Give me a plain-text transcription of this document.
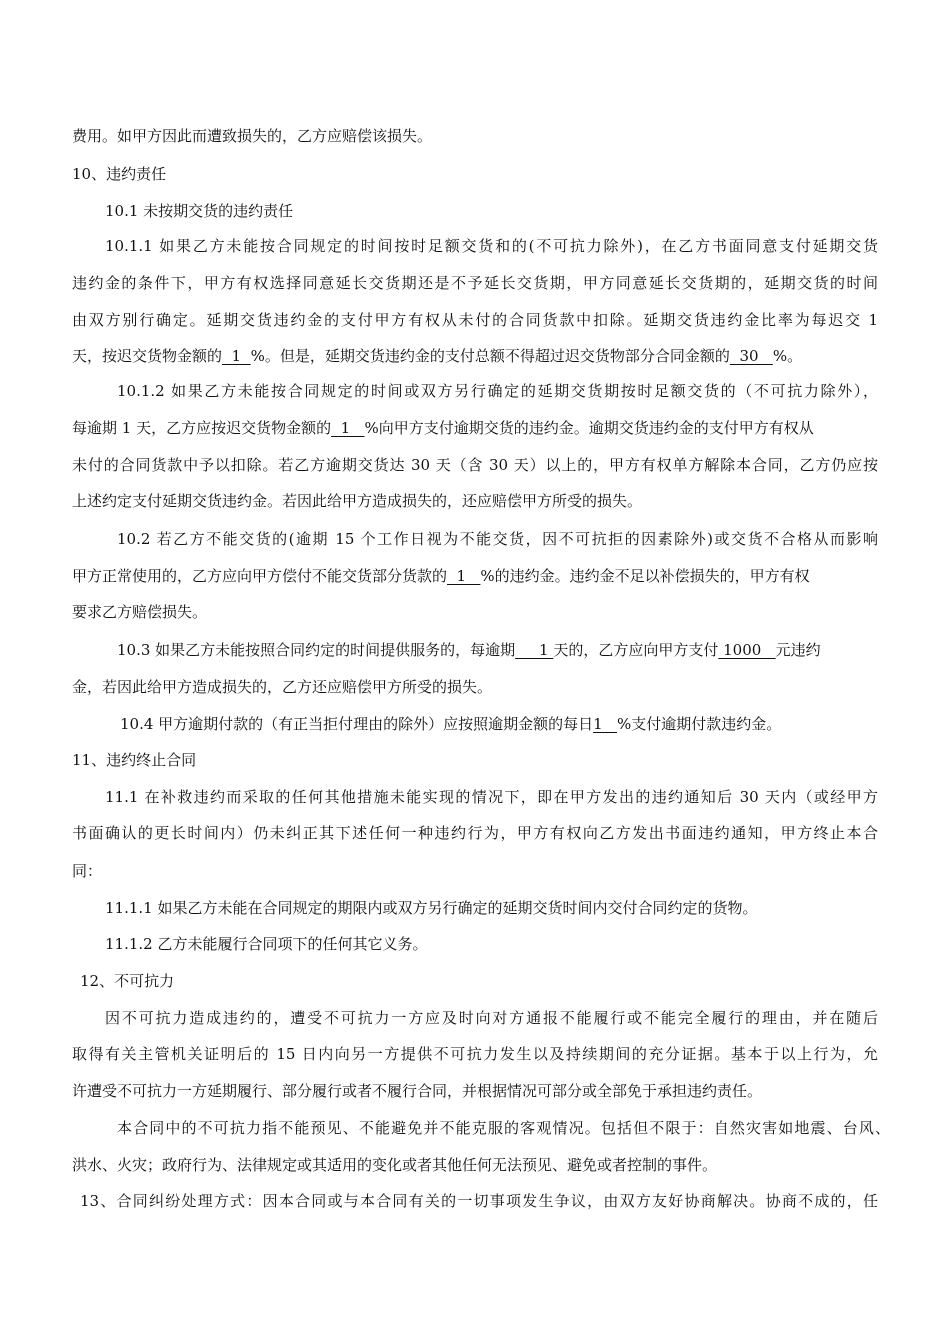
费用。如甲方因此而遭致损失的，乙方应赔偿该损失。
10、违约责任
10.1 未按期交货的违约责任
10.1.1 如果乙方未能按合同规定的时间按时足额交货和的(不可抗力除外)，在乙方书面同意支付延期交货
违约金的条件下，甲方有权选择同意延长交货期还是不予延长交货期，甲方同意延长交货期的，延期交货的时间
由双方别行确定。延期交货违约金的支付甲方有权从未付的合同货款中扣除。延期交货违约金比率为每迟交 1
天，按迟交货物金额的  1  %。但是，延期交货违约金的支付总额不得超过迟交货物部分合同金额的  30   %。
10.1.2 如果乙方未能按合同规定的时间或双方另行确定的延期交货期按时足额交货的（不可抗力除外），
每逾期 1 天，乙方应按迟交货物金额的  1   %向甲方支付逾期交货的违约金。逾期交货违约金的支付甲方有权从
未付的合同货款中予以扣除。若乙方逾期交货达 30 天（含 30 天）以上的，甲方有权单方解除本合同，乙方仍应按
上述约定支付延期交货违约金。若因此给甲方造成损失的，还应赔偿甲方所受的损失。
10.2 若乙方不能交货的(逾期 15 个工作日视为不能交货，因不可抗拒的因素除外)或交货不合格从而影响
甲方正常使用的，乙方应向甲方偿付不能交货部分货款的  1   %的违约金。违约金不足以补偿损失的，甲方有权
要求乙方赔偿损失。
10.3 如果乙方未能按照合同约定的时间提供服务的，每逾期     1 天的，乙方应向甲方支付 1000   元违约
金，若因此给甲方造成损失的，乙方还应赔偿甲方所受的损失。
10.4 甲方逾期付款的（有正当拒付理由的除外）应按照逾期金额的每日1   %支付逾期付款违约金。
11、违约终止合同
11.1 在补救违约而采取的任何其他措施未能实现的情况下，即在甲方发出的违约通知后 30 天内（或经甲方
书面确认的更长时间内）仍未纠正其下述任何一种违约行为，甲方有权向乙方发出书面违约通知，甲方终止本合
同：
11.1.1 如果乙方未能在合同规定的期限内或双方另行确定的延期交货时间内交付合同约定的货物。
11.1.2 乙方未能履行合同项下的任何其它义务。
12、不可抗力
因不可抗力造成违约的，遭受不可抗力一方应及时向对方通报不能履行或不能完全履行的理由，并在随后
取得有关主管机关证明后的 15 日内向另一方提供不可抗力发生以及持续期间的充分证据。基本于以上行为，允
许遭受不可抗力一方延期履行、部分履行或者不履行合同，并根据情况可部分或全部免于承担违约责任。
本合同中的不可抗力指不能预见、不能避免并不能克服的客观情况。包括但不限于：自然灾害如地震、台风、
洪水、火灾；政府行为、法律规定或其适用的变化或者其他任何无法预见、避免或者控制的事件。
13、合同纠纷处理方式：因本合同或与本合同有关的一切事项发生争议，由双方友好协商解决。协商不成的，任
